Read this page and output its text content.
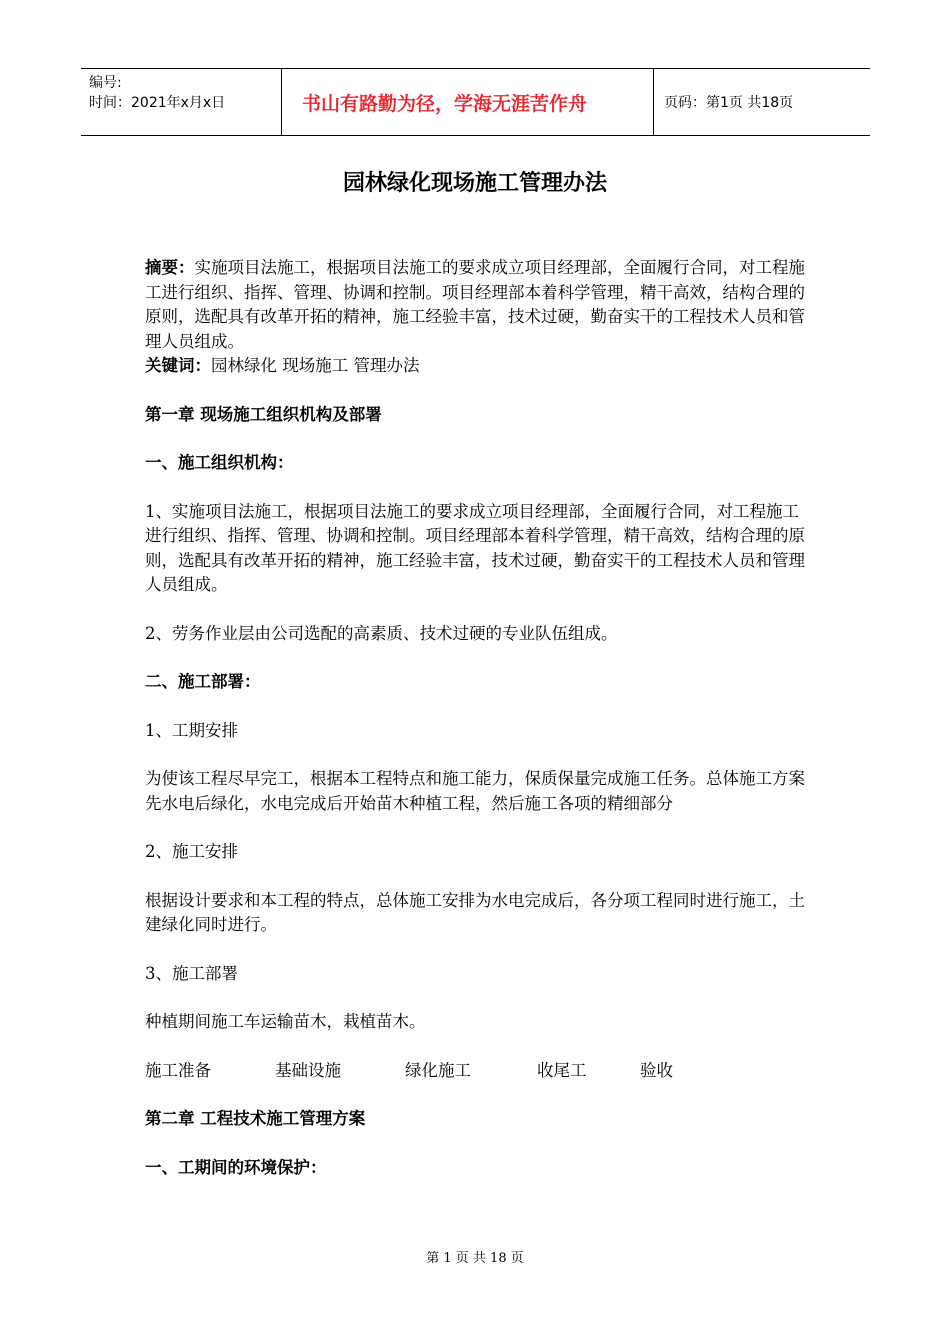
编号:
时间：2021年x月x日	书山有路勤为径，学海无涯苦作舟	页码：第1页 共18页
园林绿化现场施工管理办法

摘要：实施项目法施工，根据项目法施工的要求成立项目经理部，全面履行合同，对工程施工进行组织、指挥、管理、协调和控制。项目经理部本着科学管理，精干高效，结构合理的原则，选配具有改革开拓的精神，施工经验丰富，技术过硬，勤奋实干的工程技术人员和管理人员组成。

关键词：园林绿化 现场施工 管理办法

第一章 现场施工组织机构及部署

一、施工组织机构：

1、实施项目法施工，根据项目法施工的要求成立项目经理部，全面履行合同，对工程施工进行组织、指挥、管理、协调和控制。项目经理部本着科学管理，精干高效，结构合理的原则，选配具有改革开拓的精神，施工经验丰富，技术过硬，勤奋实干的工程技术人员和管理人员组成。

2、劳务作业层由公司选配的高素质、技术过硬的专业队伍组成。

二、施工部署：

1、工期安排

为使该工程尽早完工，根据本工程特点和施工能力，保质保量完成施工任务。总体施工方案先水电后绿化，水电完成后开始苗木种植工程，然后施工各项的精细部分

2、施工安排

根据设计要求和本工程的特点，总体施工安排为水电完成后，各分项工程同时进行施工，土建绿化同时进行。

3、施工部署

种植期间施工车运输苗木，栽植苗木。

施工准备	基础设施	绿化施工	收尾工	验收

第二章 工程技术施工管理方案

一、工期间的环境保护：

第 1 页 共 18 页
